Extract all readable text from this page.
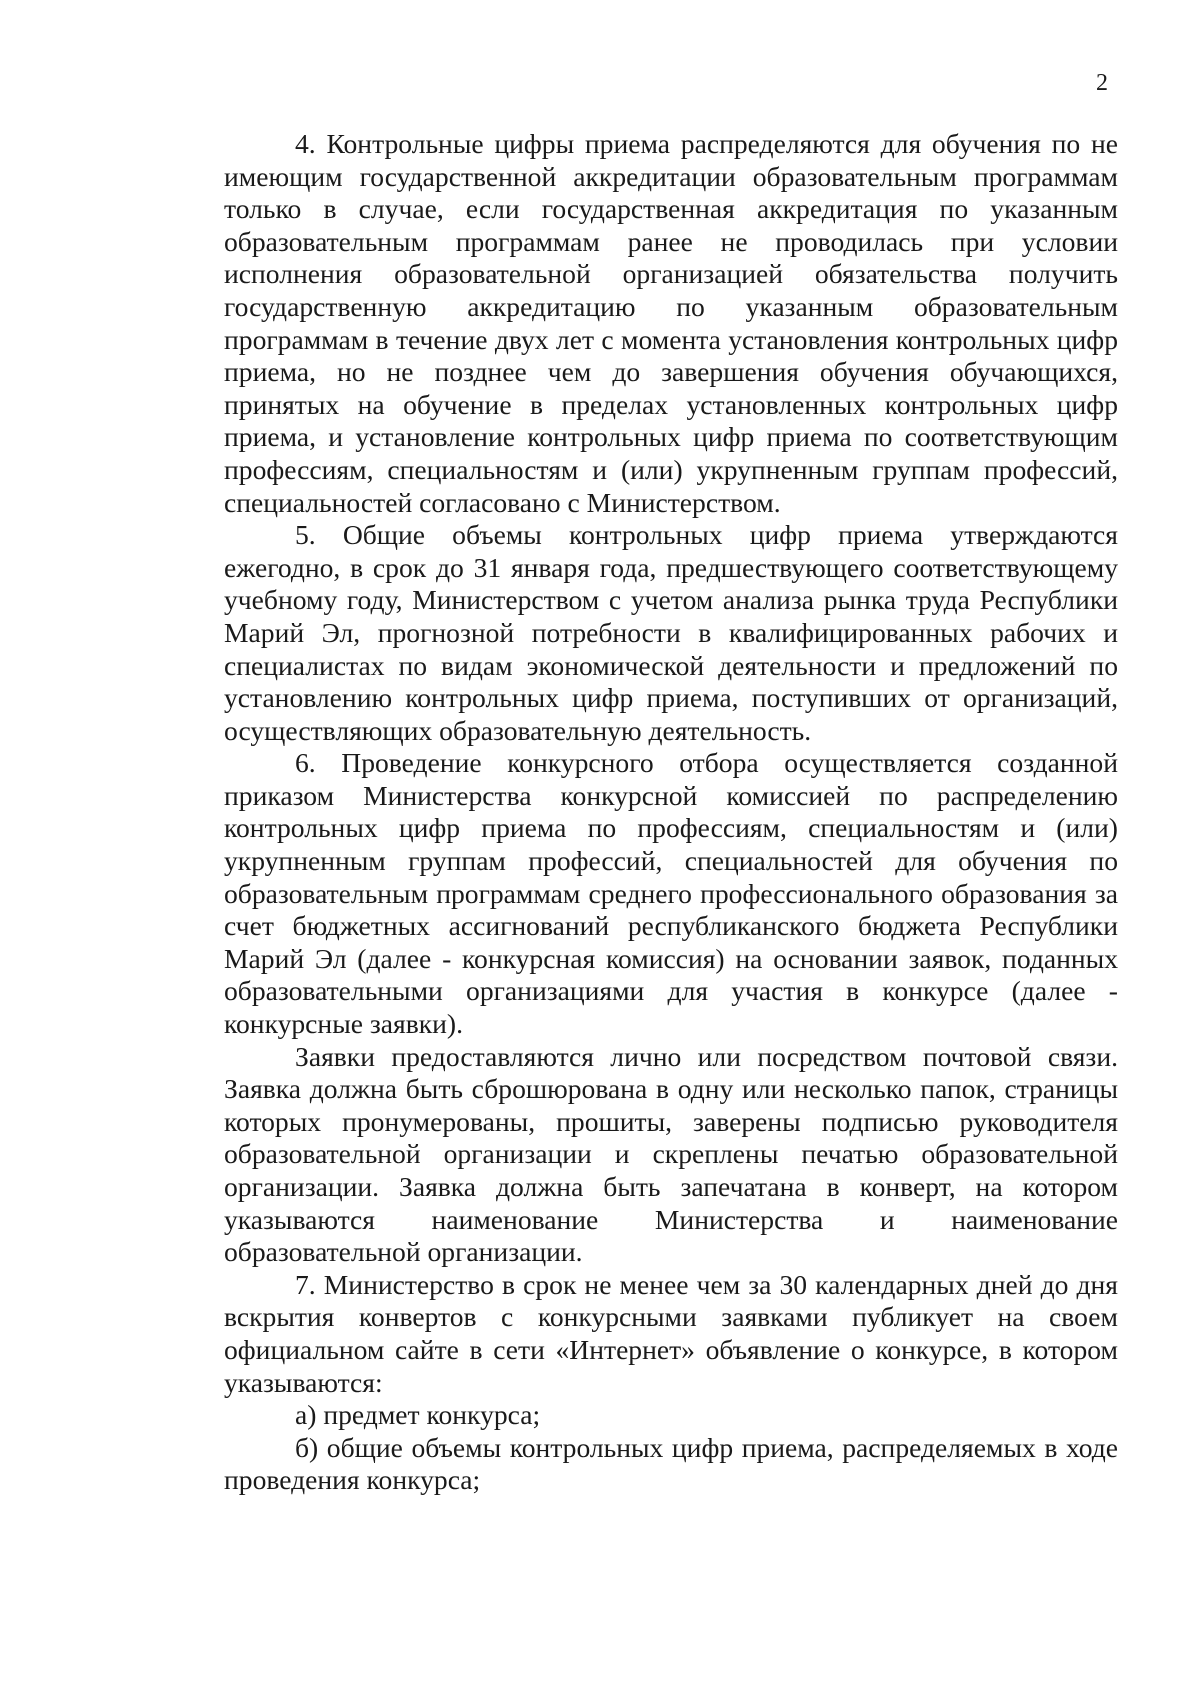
2

4. Контрольные цифры приема распределяются для обучения по не имеющим государственной аккредитации образовательным программам только в случае, если государственная аккредитация по указанным образовательным программам ранее не проводилась при условии исполнения образовательной организацией обязательства получить государственную аккредитацию по указанным образовательным программам в течение двух лет с момента установления контрольных цифр приема, но не позднее чем до завершения обучения обучающихся, принятых на обучение в пределах установленных контрольных цифр приема, и установление контрольных цифр приема по соответствующим профессиям, специальностям и (или) укрупненным группам профессий, специальностей согласовано с Министерством.

5. Общие объемы контрольных цифр приема утверждаются ежегодно, в срок до 31 января года, предшествующего соответствующему учебному году, Министерством с учетом анализа рынка труда Республики Марий Эл, прогнозной потребности в квалифицированных рабочих и специалистах по видам экономической деятельности и предложений по установлению контрольных цифр приема, поступивших от организаций, осуществляющих образовательную деятельность.

6. Проведение конкурсного отбора осуществляется созданной приказом Министерства конкурсной комиссией по распределению контрольных цифр приема по профессиям, специальностям и (или) укрупненным группам профессий, специальностей для обучения по образовательным программам среднего профессионального образования за счет бюджетных ассигнований республиканского бюджета Республики Марий Эл (далее - конкурсная комиссия) на основании заявок, поданных образовательными организациями для участия в конкурсе (далее - конкурсные заявки).

Заявки предоставляются лично или посредством почтовой связи. Заявка должна быть сброшюрована в одну или несколько папок, страницы которых пронумерованы, прошиты, заверены подписью руководителя образовательной организации и скреплены печатью образовательной организации. Заявка должна быть запечатана в конверт, на котором указываются наименование Министерства и наименование образовательной организации.

7. Министерство в срок не менее чем за 30 календарных дней до дня вскрытия конвертов с конкурсными заявками публикует на своем официальном сайте в сети «Интернет» объявление о конкурсе, в котором указываются:

а) предмет конкурса;

б) общие объемы контрольных цифр приема, распределяемых в ходе проведения конкурса;
